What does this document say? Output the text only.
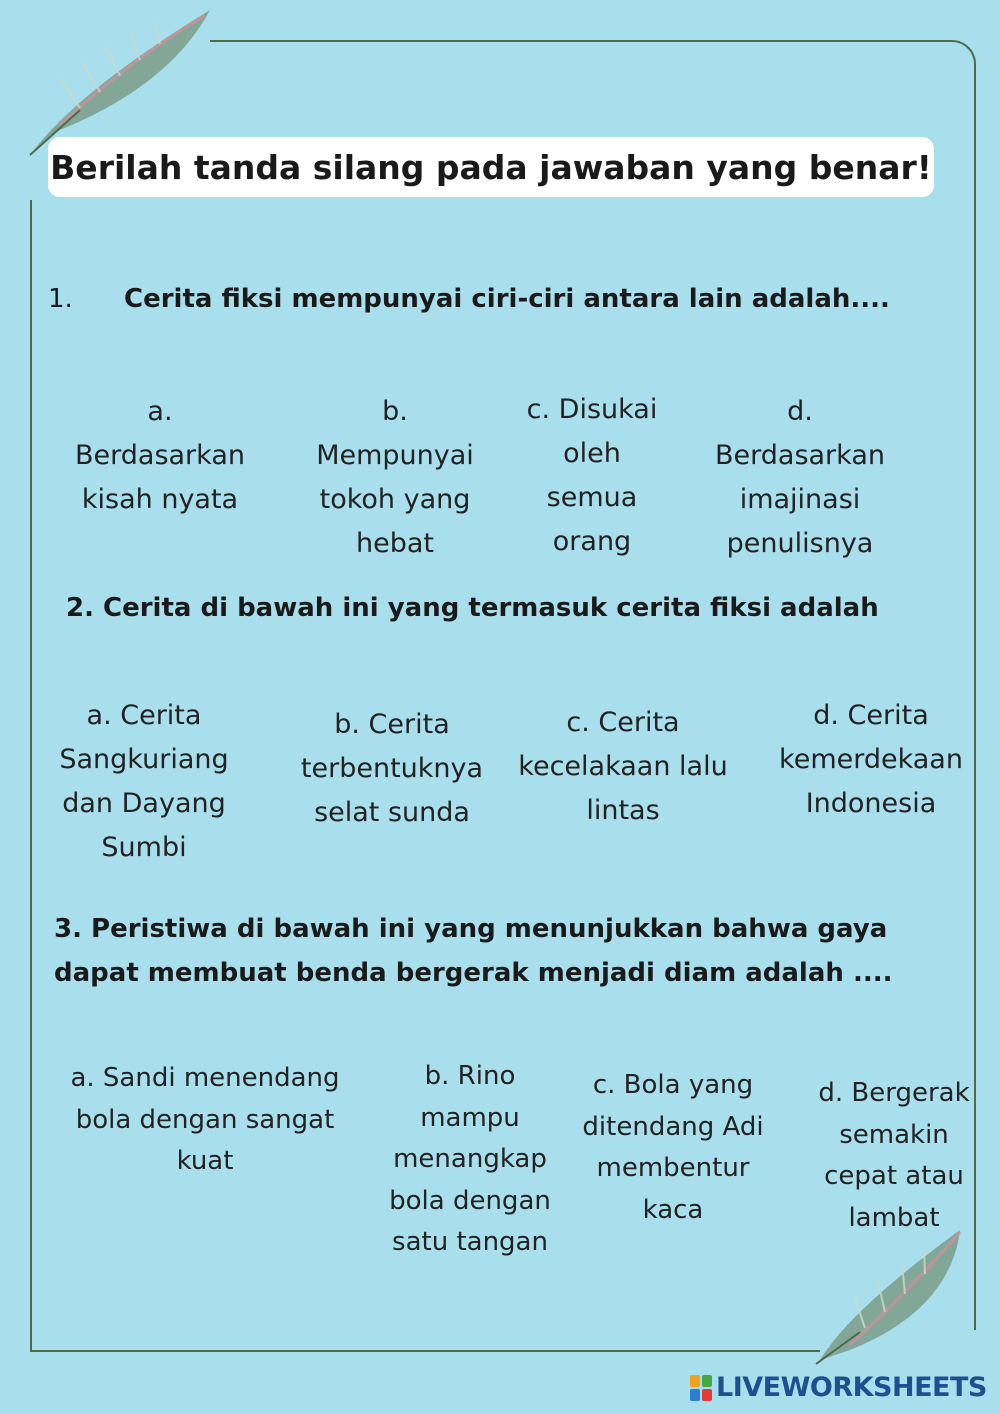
Berilah tanda silang pada jawaban yang benar!
1. Cerita fiksi mempunyai ciri-ciri antara lain adalah....
a.
Berdasarkan
kisah nyata
b.
Mempunyai
tokoh yang
hebat
c. Disukai
oleh
semua
orang
d.
Berdasarkan
imajinasi
penulisnya
2. Cerita di bawah ini yang termasuk cerita fiksi adalah
a. Cerita
Sangkuriang
dan Dayang
Sumbi
b. Cerita
terbentuknya
selat sunda
c. Cerita
kecelakaan lalu
lintas
d. Cerita
kemerdekaan
Indonesia
3. Peristiwa di bawah ini yang menunjukkan bahwa gaya
dapat membuat benda bergerak menjadi diam adalah ....
a. Sandi menendang
bola dengan sangat
kuat
b. Rino
mampu
menangkap
bola dengan
satu tangan
c. Bola yang
ditendang Adi
membentur
kaca
d. Bergerak
semakin
cepat atau
lambat
LIVEWORKSHEETS
